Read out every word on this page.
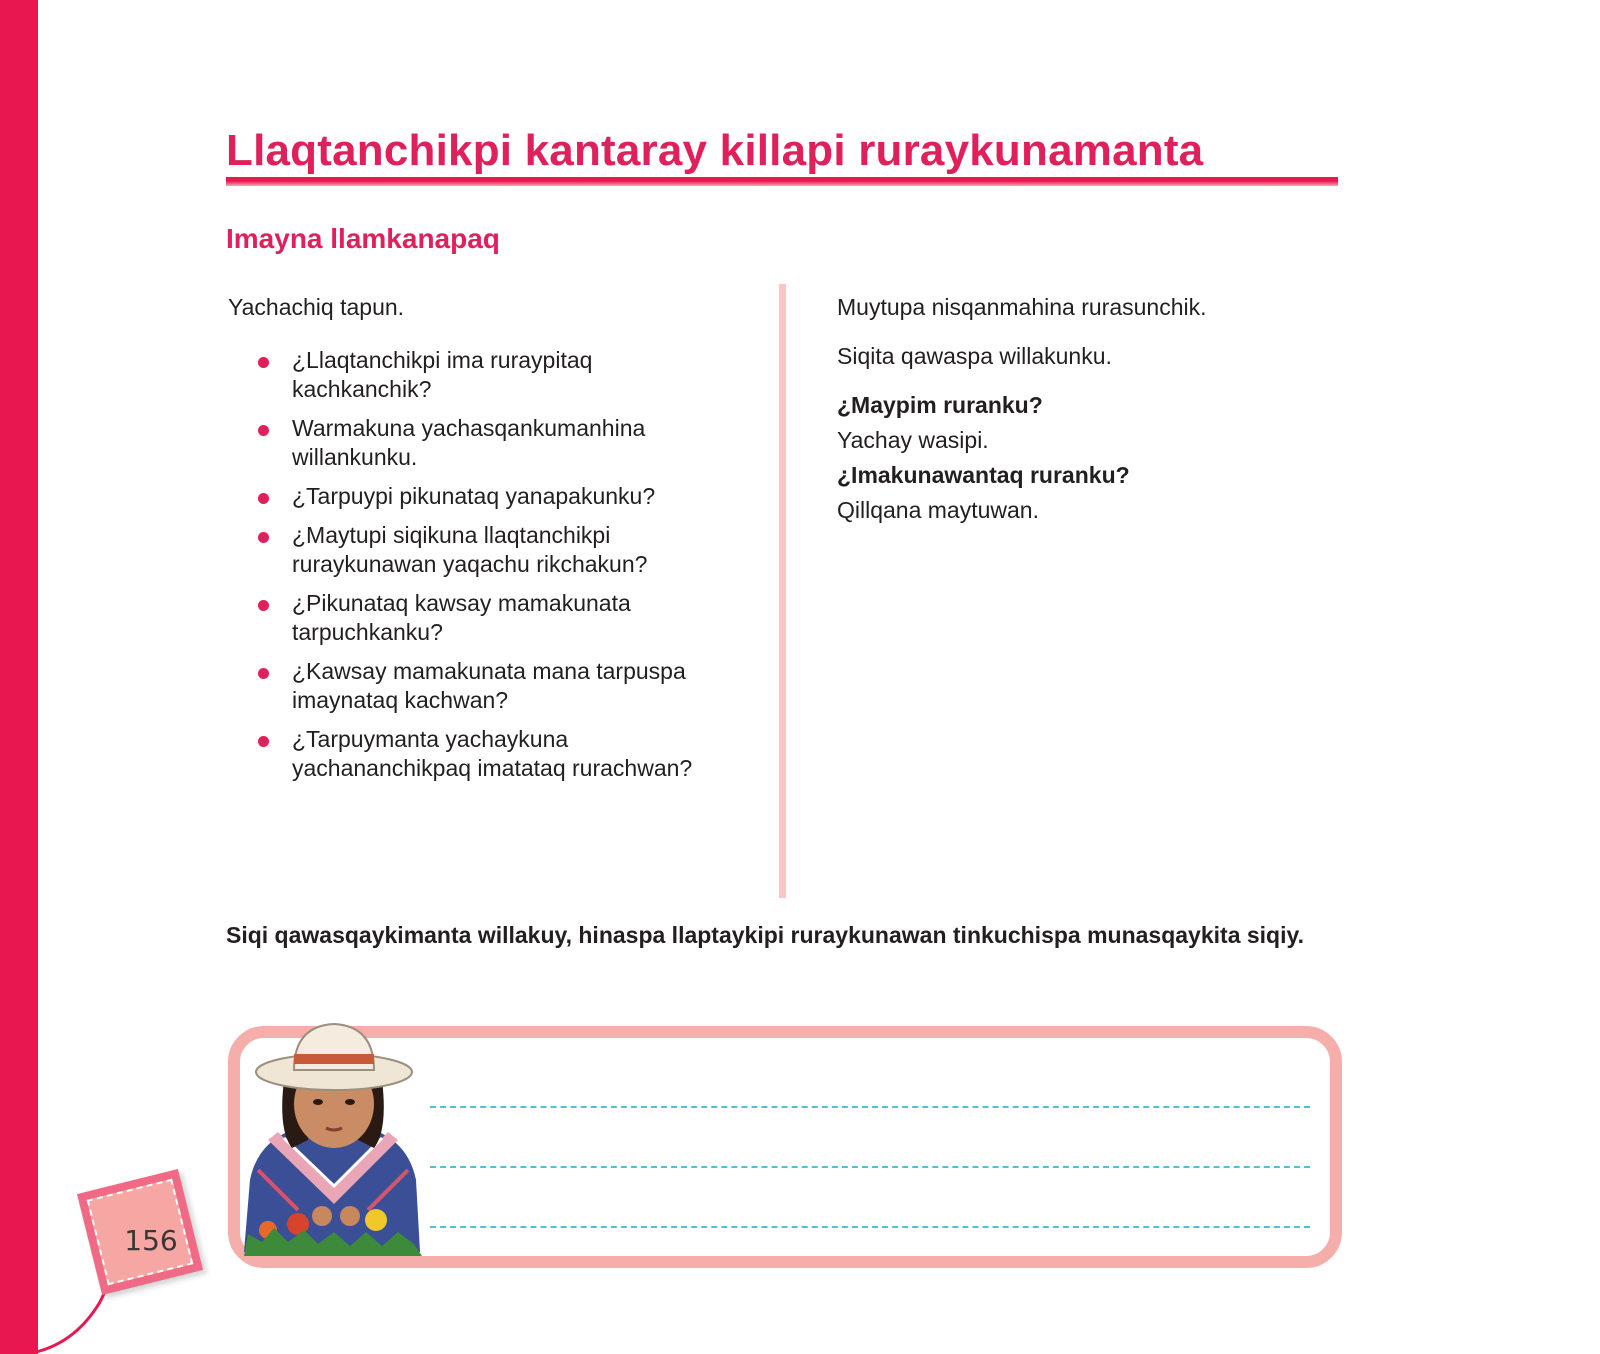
Llaqtanchikpi kantaray killapi ruraykunamanta
Imayna llamkanapaq

Yachachiq tapun.

¿Llaqtanchikpi ima ruraypitaq kachkanchik?
Warmakuna yachasqankumanhina willankunku.
¿Tarpuypi pikunataq yanapakunku?
¿Maytupi siqikuna llaqtanchikpi ruraykunawan yaqachu rikchakun?
¿Pikunataq kawsay mamakunata tarpuchkanku?
¿Kawsay mamakunata mana tarpuspa imaynataq kachwan?
¿Tarpuymanta yachaykuna yachananchikpaq imatataq rurachwan?

Muytupa nisqanmahina rurasunchik.

Siqita qawaspa willakunku.

¿Maypim ruranku?

Yachay wasipi.

¿Imakunawantaq ruranku?

Qillqana maytuwan.

Siqi qawasqaykimanta willakuy, hinaspa llaptaykipi ruraykunawan tinkuchispa munasqaykita siqiy.

156
